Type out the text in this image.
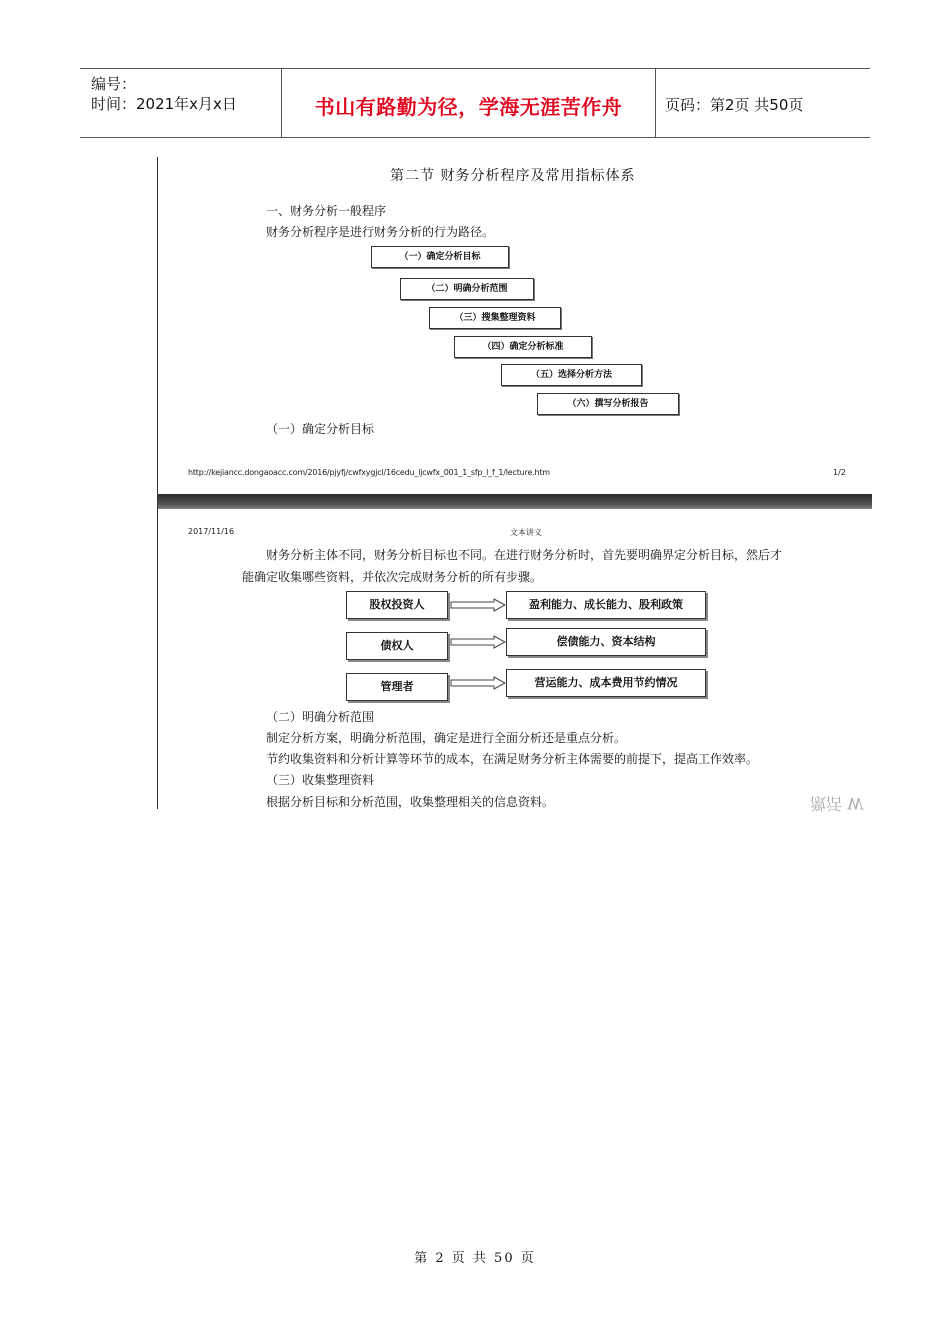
编号：
时间：2021年x月x日	书山有路勤为径，学海无涯苦作舟	页码：第2页 共50页
第二节 财务分析程序及常用指标体系
一、财务分析一般程序
财务分析程序是进行财务分析的行为路径。
（一）确定分析目标
（二）明确分析范围
（三）搜集整理资料
（四）确定分析标准
（五）选择分析方法
（六）撰写分析报告
（一）确定分析目标
http://kejiancc.dongaoacc.com/2016/pjyfj/cwfxygjcl/16cedu_ljcwfx_001_1_sfp_l_f_1/lecture.htm	1/2
2017/11/16	文本讲义
财务分析主体不同，财务分析目标也不同。在进行财务分析时，首先要明确界定分析目标，然后才
能确定收集哪些资料，并依次完成财务分析的所有步骤。
股权投资人	盈利能力、成长能力、股利政策
债权人	偿债能力、资本结构
管理者	营运能力、成本费用节约情况
（二）明确分析范围
制定分析方案，明确分析范围，确定是进行全面分析还是重点分析。
节约收集资料和分析计算等环节的成本，在满足财务分析主体需要的前提下，提高工作效率。
（三）收集整理资料
根据分析目标和分析范围，收集整理相关的信息资料。	激活 W
第 2 页 共 50 页
